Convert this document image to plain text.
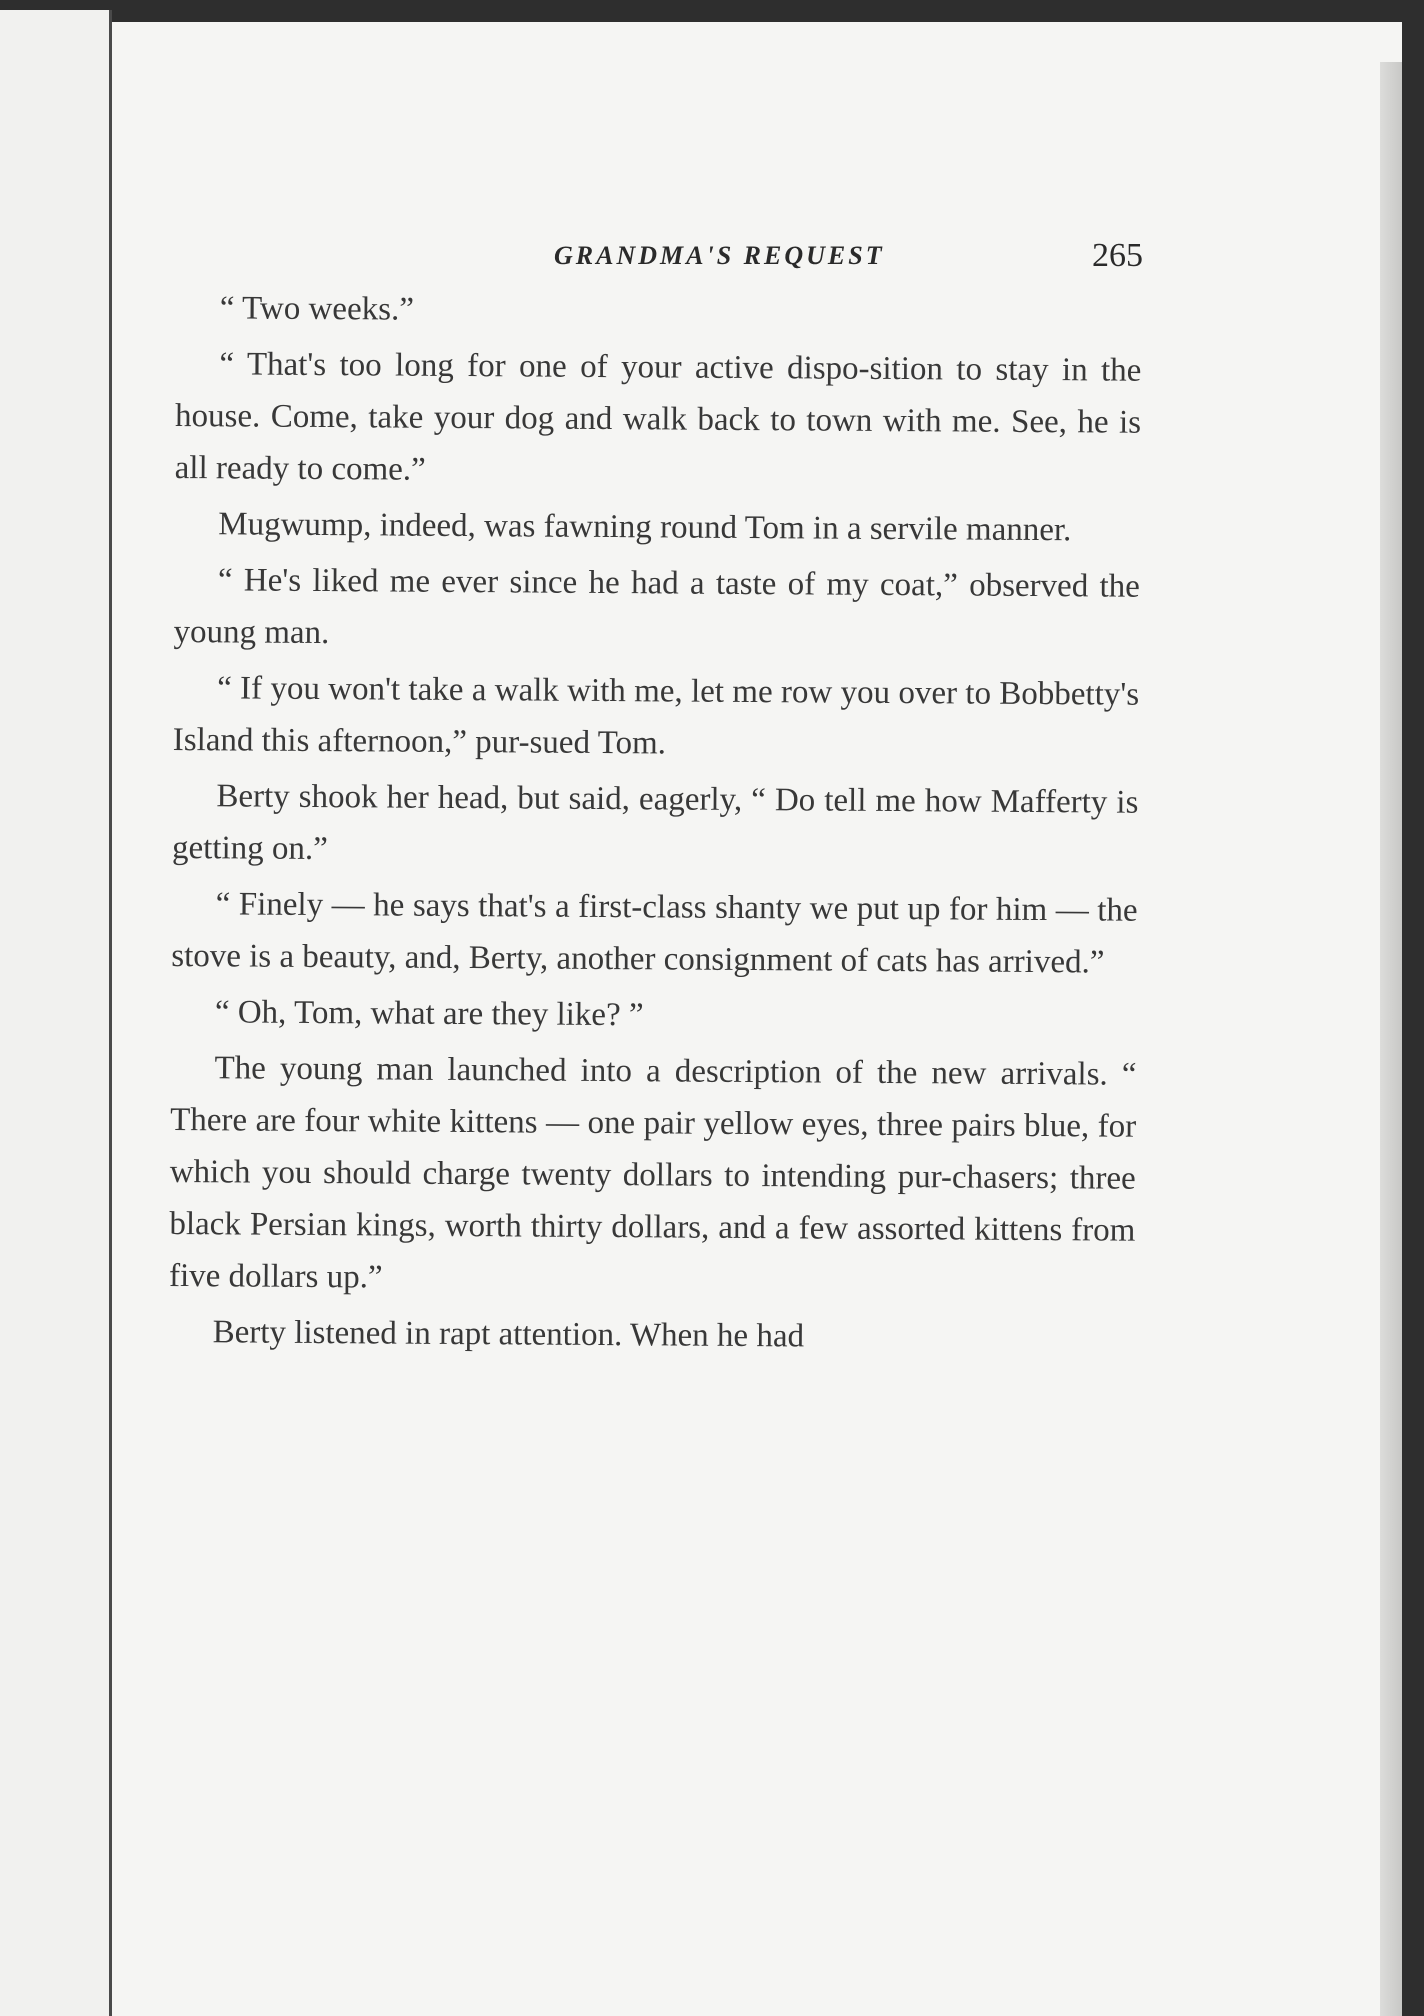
GRANDMA'S REQUEST	265

“ Two weeks.”

“ That's too long for one of your active dispo-sition to stay in the house. Come, take your dog and walk back to town with me. See, he is all ready to come.”

Mugwump, indeed, was fawning round Tom in a servile manner.

“ He's liked me ever since he had a taste of my coat,” observed the young man.

“ If you won't take a walk with me, let me row you over to Bobbetty's Island this afternoon,” pur-sued Tom.

Berty shook her head, but said, eagerly, “ Do tell me how Mafferty is getting on.”

“ Finely — he says that's a first-class shanty we put up for him — the stove is a beauty, and, Berty, another consignment of cats has arrived.”

“ Oh, Tom, what are they like? ”

The young man launched into a description of the new arrivals. “ There are four white kittens — one pair yellow eyes, three pairs blue, for which you should charge twenty dollars to intending pur-chasers; three black Persian kings, worth thirty dollars, and a few assorted kittens from five dollars up.”

Berty listened in rapt attention. When he had
